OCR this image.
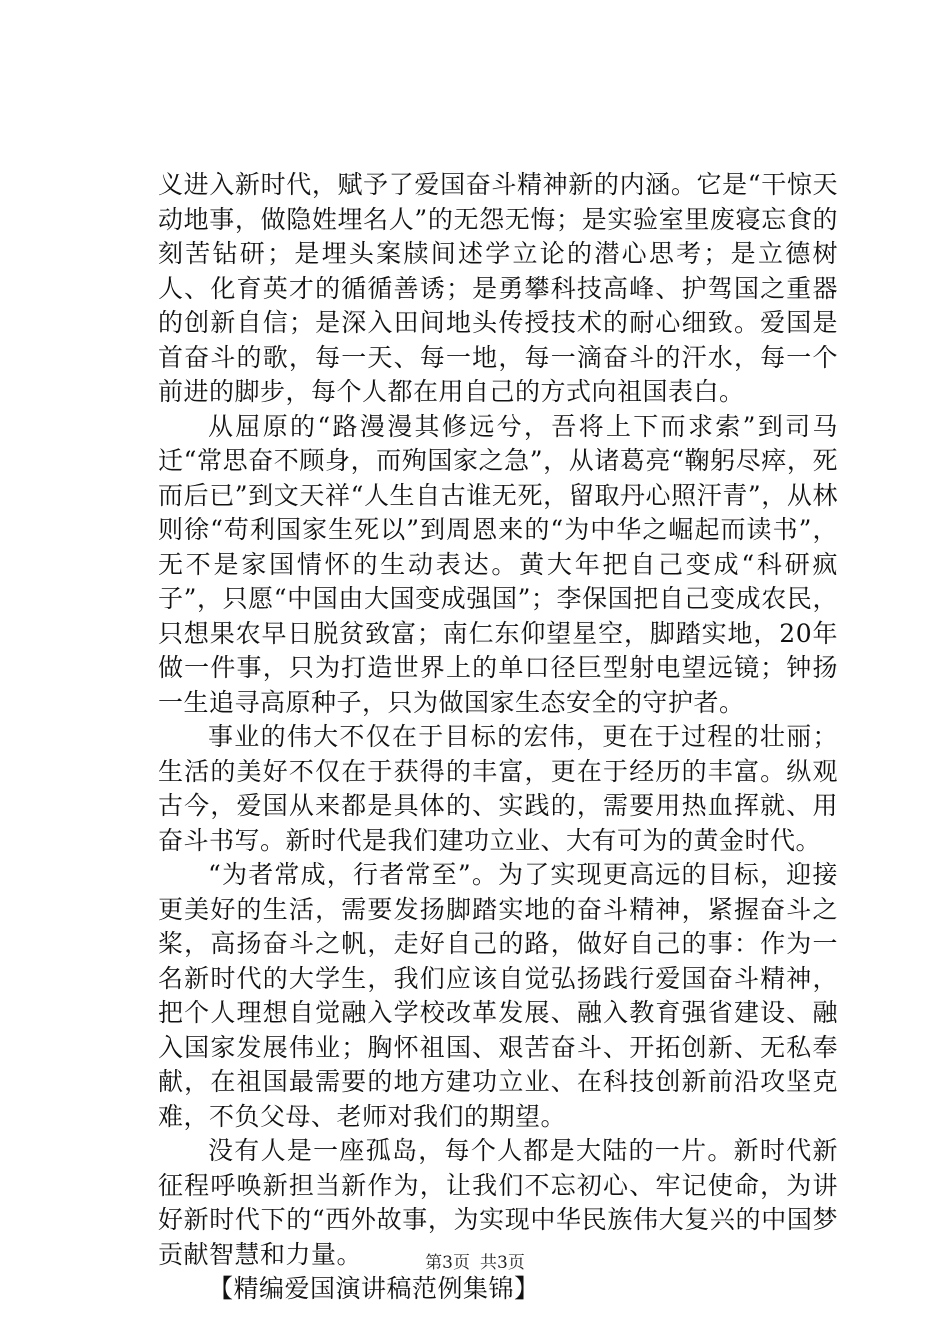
义进入新时代，赋予了爱国奋斗精神新的内涵。它是“干惊天动地事，做隐姓埋名人”的无怨无悔；是实验室里废寝忘食的刻苦钻研；是埋头案牍间述学立论的潜心思考；是立德树人、化育英才的循循善诱；是勇攀科技高峰、护驾国之重器的创新自信；是深入田间地头传授技术的耐心细致。爱国是首奋斗的歌，每一天、每一地，每一滴奋斗的汗水，每一个前进的脚步，每个人都在用自己的方式向祖国表白。

从屈原的“路漫漫其修远兮，吾将上下而求索”到司马迁“常思奋不顾身，而殉国家之急”，从诸葛亮“鞠躬尽瘁，死而后已”到文天祥“人生自古谁无死，留取丹心照汗青”，从林则徐“苟利国家生死以”到周恩来的“为中华之崛起而读书”，无不是家国情怀的生动表达。黄大年把自己变成“科研疯子”，只愿“中国由大国变成强国”；李保国把自己变成农民，只想果农早日脱贫致富；南仁东仰望星空，脚踏实地，20年做一件事，只为打造世界上的单口径巨型射电望远镜；钟扬一生追寻高原种子，只为做国家生态安全的守护者。

事业的伟大不仅在于目标的宏伟，更在于过程的壮丽；生活的美好不仅在于获得的丰富，更在于经历的丰富。纵观古今，爱国从来都是具体的、实践的，需要用热血挥就、用奋斗书写。新时代是我们建功立业、大有可为的黄金时代。

“为者常成，行者常至”。为了实现更高远的目标，迎接更美好的生活，需要发扬脚踏实地的奋斗精神，紧握奋斗之桨，高扬奋斗之帆，走好自己的路，做好自己的事：作为一名新时代的大学生，我们应该自觉弘扬践行爱国奋斗精神，把个人理想自觉融入学校改革发展、融入教育强省建设、融入国家发展伟业；胸怀祖国、艰苦奋斗、开拓创新、无私奉献，在祖国最需要的地方建功立业、在科技创新前沿攻坚克难，不负父母、老师对我们的期望。

没有人是一座孤岛，每个人都是大陆的一片。新时代新征程呼唤新担当新作为，让我们不忘初心、牢记使命，为讲好新时代下的“西外故事，为实现中华民族伟大复兴的中国梦贡献智慧和力量。

【精编爱国演讲稿范例集锦】

第3页 共3页
